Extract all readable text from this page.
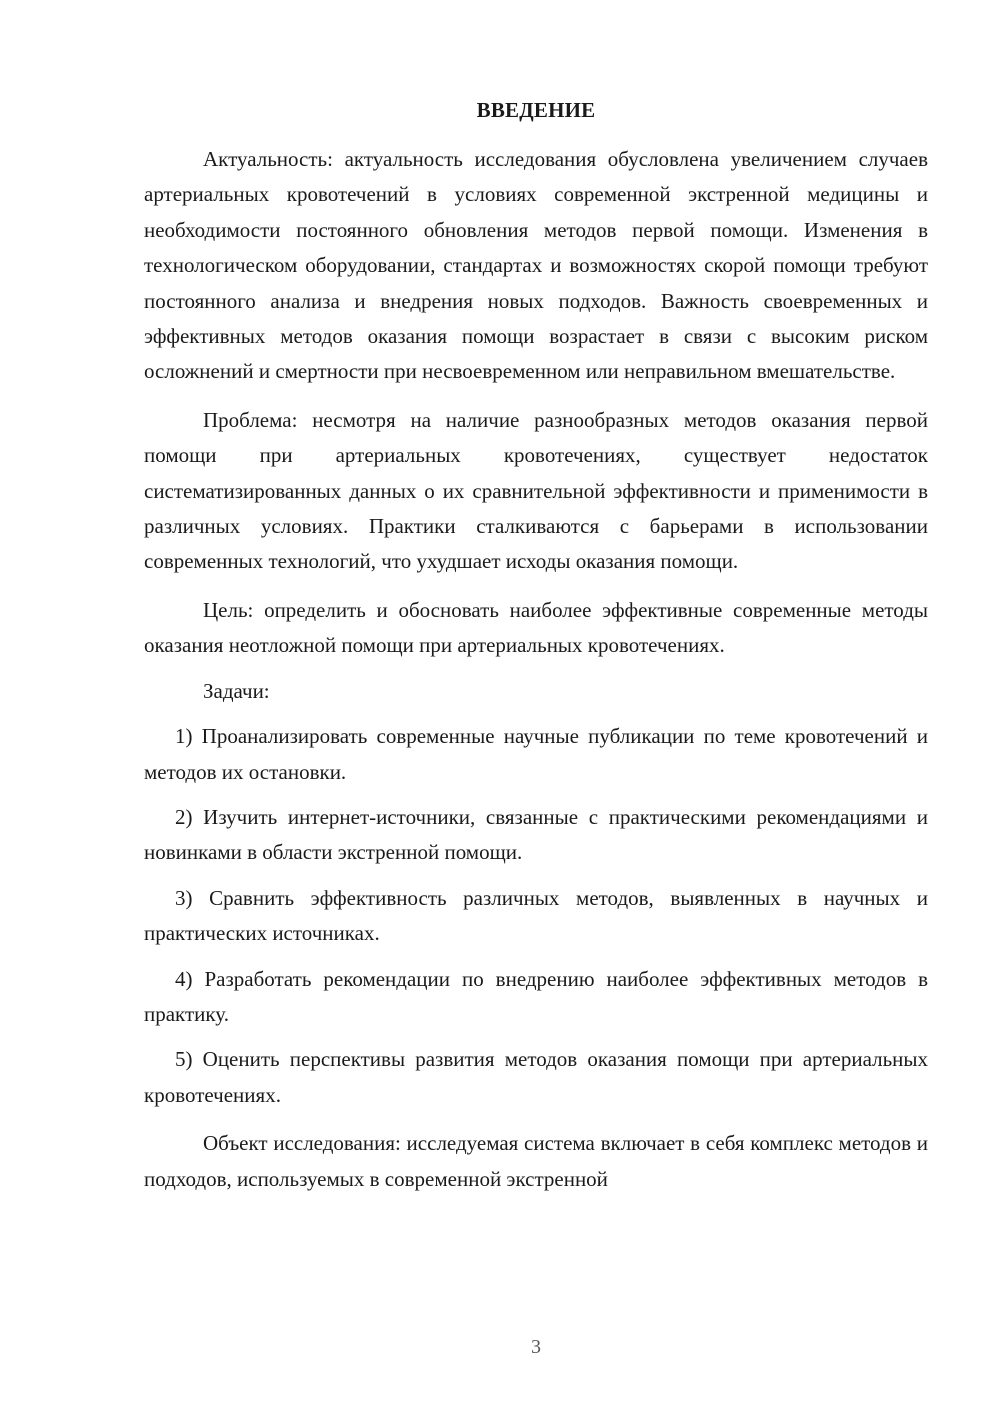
ВВЕДЕНИЕ

Актуальность: актуальность исследования обусловлена увеличением случаев артериальных кровотечений в условиях современной экстренной медицины и необходимости постоянного обновления методов первой помощи. Изменения в технологическом оборудовании, стандартах и возможностях скорой помощи требуют постоянного анализа и внедрения новых подходов. Важность своевременных и эффективных методов оказания помощи возрастает в связи с высоким риском осложнений и смертности при несвоевременном или неправильном вмешательстве.

Проблема: несмотря на наличие разнообразных методов оказания первой помощи при артериальных кровотечениях, существует недостаток систематизированных данных о их сравнительной эффективности и применимости в различных условиях. Практики сталкиваются с барьерами в использовании современных технологий, что ухудшает исходы оказания помощи.

Цель: определить и обосновать наиболее эффективные современные методы оказания неотложной помощи при артериальных кровотечениях.

Задачи:

1) Проанализировать современные научные публикации по теме кровотечений и методов их остановки.

2) Изучить интернет-источники, связанные с практическими рекомендациями и новинками в области экстренной помощи.

3) Сравнить эффективность различных методов, выявленных в научных и практических источниках.

4) Разработать рекомендации по внедрению наиболее эффективных методов в практику.

5) Оценить перспективы развития методов оказания помощи при артериальных кровотечениях.

Объект исследования: исследуемая система включает в себя комплекс методов и подходов, используемых в современной экстренной

3
